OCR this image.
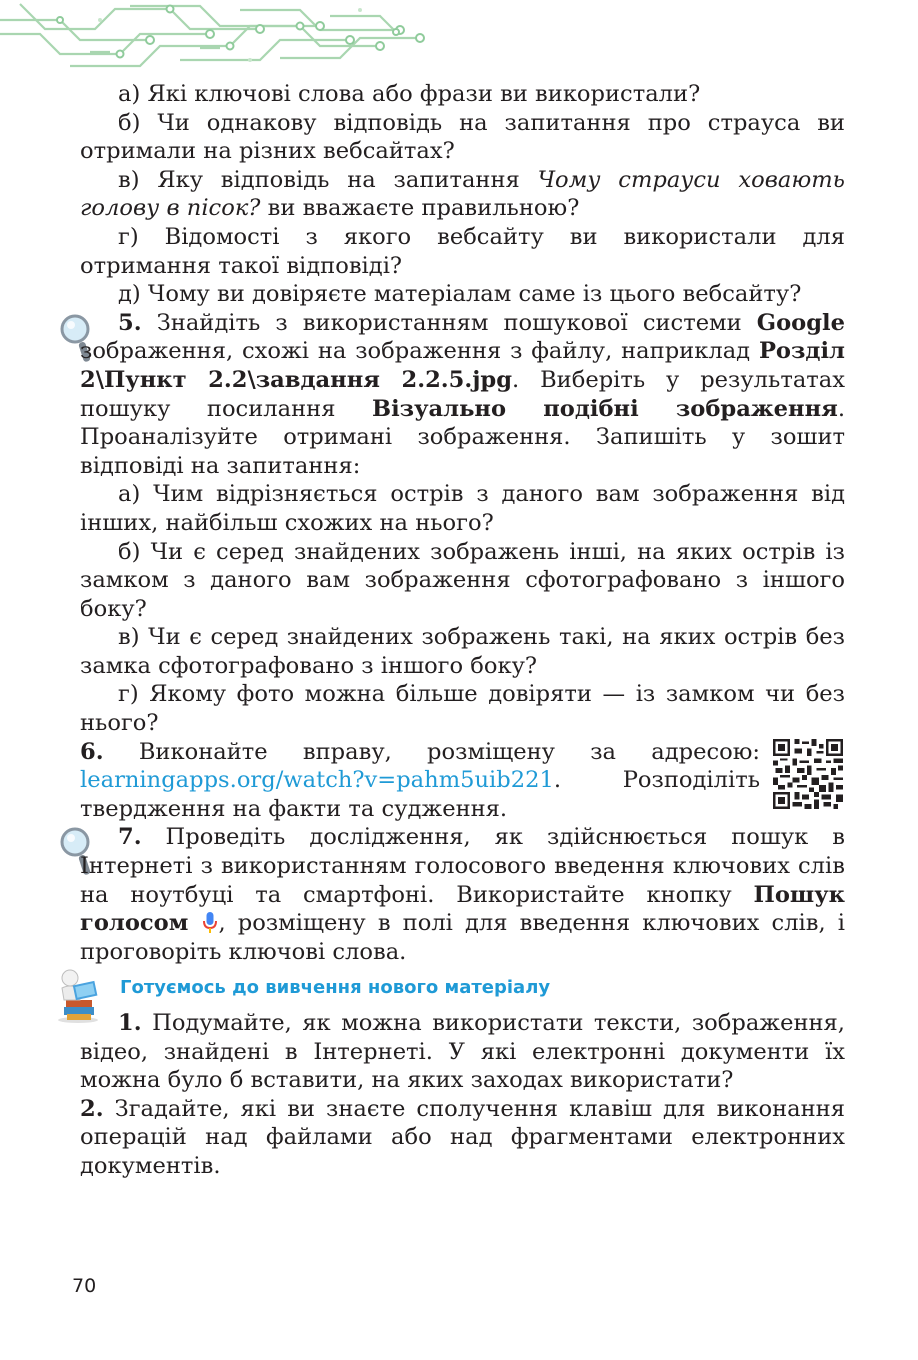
а) Які ключові слова або фрази ви використали?

б) Чи однакову відповідь на запитання про страуса ви отримали на різних вебсайтах?

в) Яку відповідь на запитання Чому страуси ховають голову в пісок? ви вважаєте правильною?

г) Відомості з якого вебсайту ви використали для отримання такої відповіді?

д) Чому ви довіряєте матеріалам саме із цього вебсайту?

5. Знайдіть з використанням пошукової системи Google зображення, схожі на зображення з файлу, наприклад Розділ 2\Пункт 2.2\завдання 2.2.5.jpg. Виберіть у результатах пошуку посилання Візуально подібні зображення. Проаналізуйте отримані зображення. Запишіть у зошит відповіді на запитання:

а) Чим відрізняється острів з даного вам зображення від інших, найбільш схожих на нього?

б) Чи є серед знайдених зображень інші, на яких острів із замком з даного вам зображення сфотографовано з іншого боку?

в) Чи є серед знайдених зображень такі, на яких острів без замка сфотографовано з іншого боку?

г) Якому фото можна більше довіряти — із замком чи без нього?

6. Виконайте вправу, розміщену за адресою: learningapps.org/watch?v=pahm5uib221. Розподіліть твердження на факти та судження.

7. Проведіть дослідження, як здійснюється пошук в Інтернеті з використанням голосового введення ключових слів на ноутбуці та смартфоні. Використайте кнопку Пошук голосом , розміщену в полі для введення ключових слів, і проговоріть ключові слова.

Готуємось до вивчення нового матеріалу

1. Подумайте, як можна використати тексти, зображення, відео, знайдені в Інтернеті. У які електронні документи їх можна було б вставити, на яких заходах використати?

2. Згадайте, які ви знаєте сполучення клавіш для виконання операцій над файлами або над фрагментами електронних документів.

70
